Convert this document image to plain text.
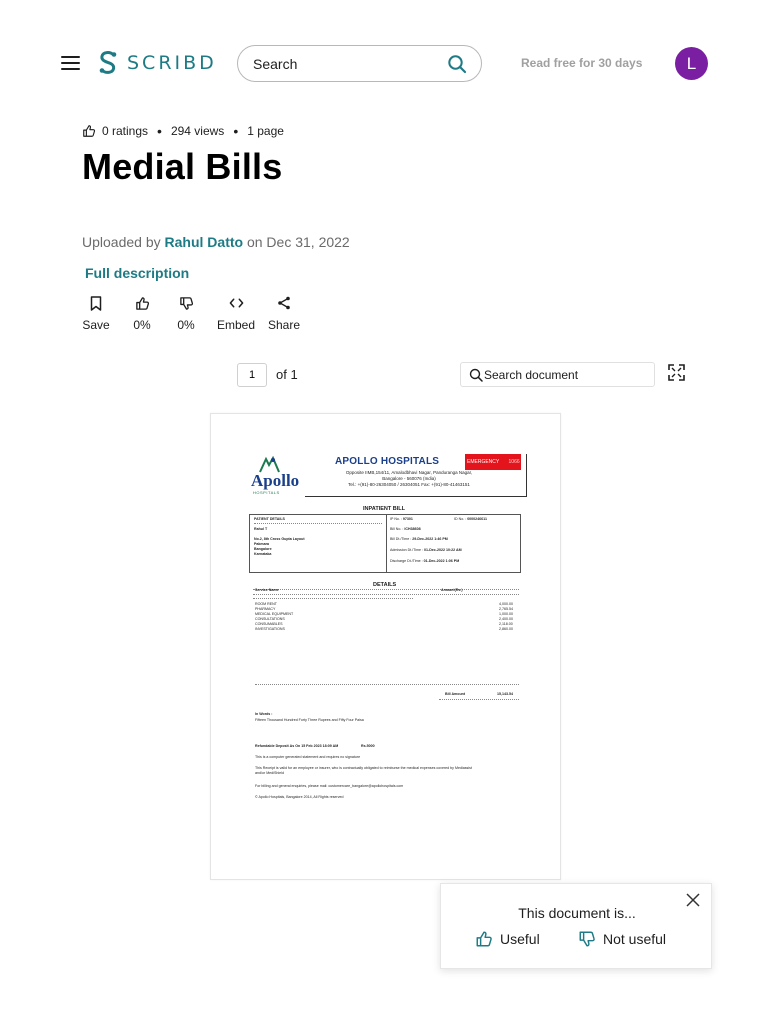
SCRIBD
Search	Read free for 30 days	L
0 ratings • 294 views • 1 page
Medial Bills
Uploaded by Rahul Datto on Dec 31, 2022
Full description
Save 0% 0% Embed Share
1
of 1
Search document
Apollo
HOSPITALS
APOLLO HOSPITALS
Opposite IIMB,154/11, Amalodbhavi Nagar, Panduranga Nagar,
Bangalore - 560076 (India)
Tel.: +(91)-80-26304050 / 26304051 Fax: +(91)-80-41463151
EMERGENCY 1066
INPATIENT BILL
PATIENT DETAILS
Rahul T
No.2, 8th Cross Gupta Layout
Pakmara
Bangalore
Karnataka
IP No. : 97301	ID No. : 0000246611
Bill No. : ICH38608
Bill Dt./Time : 29-Dec-2022 1:46 PM
Admission Dt./Time : 01-Dec-2022 10:22 AM
Discharge Dt./Time : 01-Dec-2022 1:06 PM
DETAILS
Service Name	Amount(Rs.)
ROOM RENT	4,000.00
PHARMACY	2,765.54
MEDICAL EQUIPMENT	1,000.00
CONSULTATIONS	2,400.00
CONSUMABLES	2,118.00
INVESTIGATIONS	2,860.00
Bill Amount	15,143.54
In Words :
Fifteen Thousand Hundred Forty Three Rupees and Fifty Four Paisa
Refundable Deposit As On 15 Feb 2023 18:09 AM	Rs.5000
This is a computer generated statement and requires no signature
This Receipt is valid for an employee or insurer, who is contractually obligated to reimburse the medical expenses covered by Mediassist
and/or MediShield
For billing and general enquiries, please mail: customercare_bangalore@apollohospitals.com
© Apollo Hospitals, Bangalore 2014, All Rights reserved
This document is...
Useful	Not useful
